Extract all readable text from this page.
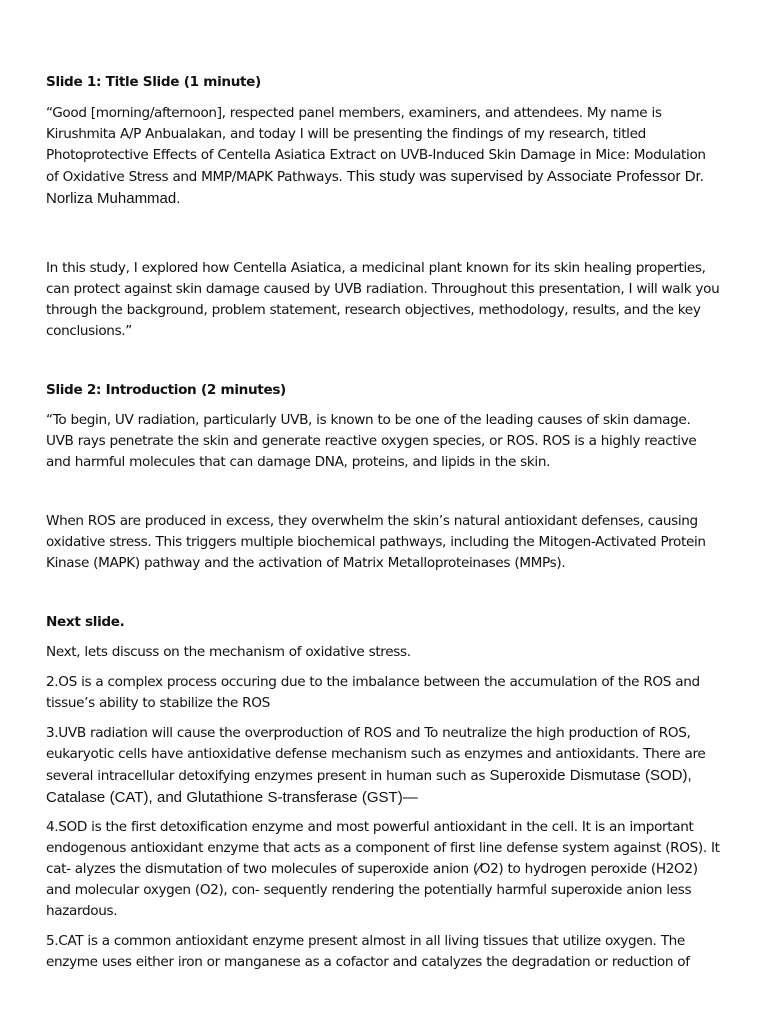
Slide 1: Title Slide (1 minute)

“Good [morning/afternoon], respected panel members, examiners, and attendees. My name is Kirushmita A/P Anbualakan, and today I will be presenting the findings of my research, titled Photoprotective Effects of Centella Asiatica Extract on UVB-Induced Skin Damage in Mice: Modulation of Oxidative Stress and MMP/MAPK Pathways. This study was supervised by Associate Professor Dr. Norliza Muhammad.

In this study, I explored how Centella Asiatica, a medicinal plant known for its skin healing properties, can protect against skin damage caused by UVB radiation. Throughout this presentation, I will walk you through the background, problem statement, research objectives, methodology, results, and the key conclusions.”

Slide 2: Introduction (2 minutes)

“To begin, UV radiation, particularly UVB, is known to be one of the leading causes of skin damage. UVB rays penetrate the skin and generate reactive oxygen species, or ROS. ROS is a highly reactive and harmful molecules that can damage DNA, proteins, and lipids in the skin.

When ROS are produced in excess, they overwhelm the skin’s natural antioxidant defenses, causing oxidative stress. This triggers multiple biochemical pathways, including the Mitogen-Activated Protein Kinase (MAPK) pathway and the activation of Matrix Metalloproteinases (MMPs).

Next slide.

Next, lets discuss on the mechanism of oxidative stress.

2.OS is a complex process occuring due to the imbalance between the accumulation of the ROS and tissue’s ability to stabilize the ROS

3.UVB radiation will cause the overproduction of ROS and To neutralize the high production of ROS, eukaryotic cells have antioxidative defense mechanism such as enzymes and antioxidants. There are several intracellular detoxifying enzymes present in human such as Superoxide Dismutase (SOD), Catalase (CAT), and Glutathione S-transferase (GST)—

4.SOD is the first detoxification enzyme and most powerful antioxidant in the cell. It is an important endogenous antioxidant enzyme that acts as a component of first line defense system against (ROS). It cat- alyzes the dismutation of two molecules of superoxide anion (⁄O2) to hydrogen peroxide (H2O2) and molecular oxygen (O2), con- sequently rendering the potentially harmful superoxide anion less hazardous.

5.CAT is a common antioxidant enzyme present almost in all living tissues that utilize oxygen. The enzyme uses either iron or manganese as a cofactor and catalyzes the degradation or reduction of
